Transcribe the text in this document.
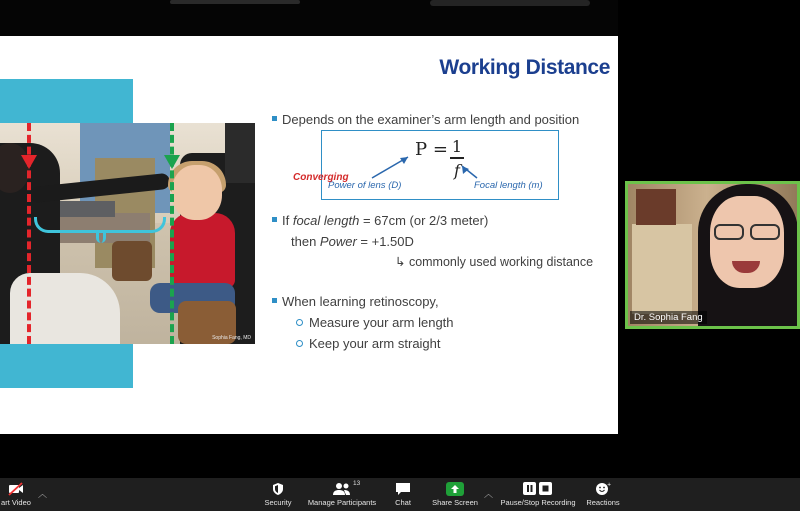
Sophia Fang, MD
Working Distance
Depends on the examiner’s arm length and position
P = 1
f
Power of lens (D)	Focal length (m)
Converging
If focal length = 67cm (or 2/3 meter)
then Power = +1.50D
↳ commonly used working distance
When learning retinoscopy,
Measure your arm length
Keep your arm straight
Dr. Sophia Fang
art Video
︿
Security	Manage Participants
13
Chat	Share Screen
︿
Pause/Stop Recording
+
Reactions
